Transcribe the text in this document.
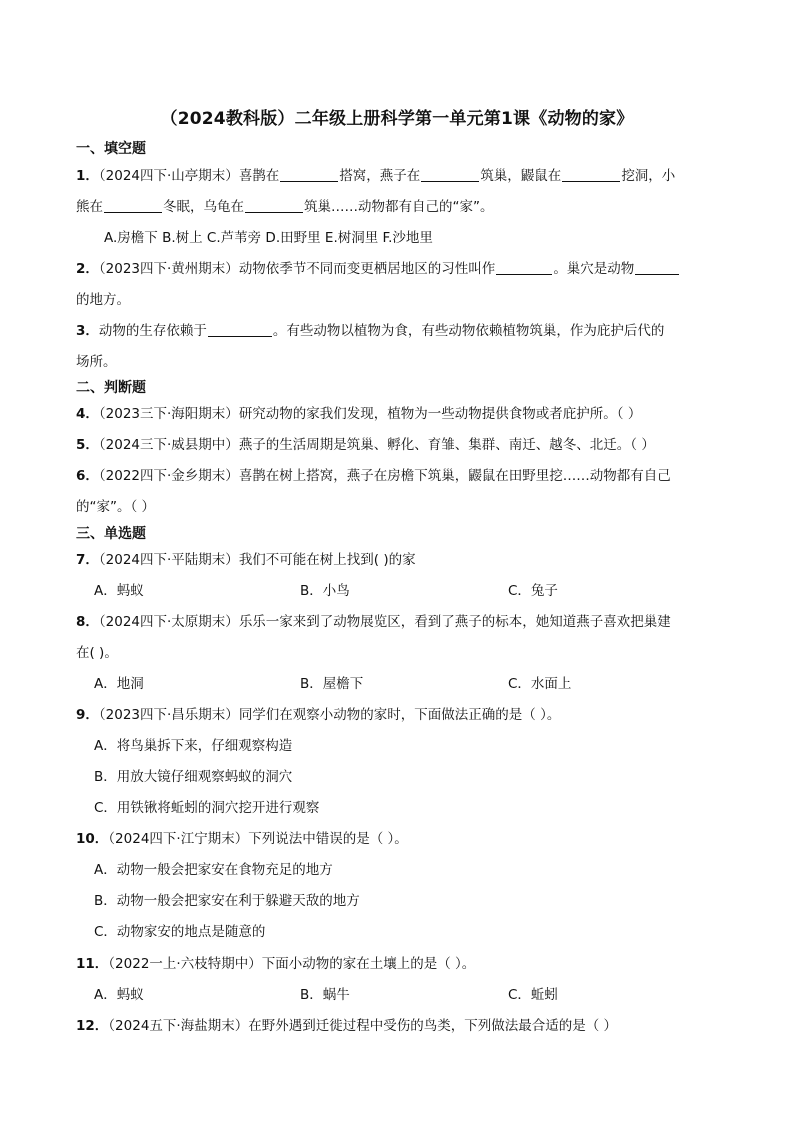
（2024教科版）二年级上册科学第一单元第1课《动物的家》
一、填空题
1．（2024四下·山亭期末）喜鹊在	搭窝，燕子在	筑巢，鼹鼠在	挖洞，小
熊在	冬眠，乌龟在	筑巢……动物都有自己的“家”。
A.房檐下 B.树上 C.芦苇旁 D.田野里 E.树洞里 F.沙地里
2．（2023四下·黄州期末）动物依季节不同而变更栖居地区的习性叫作	。巢穴是动物
的地方。
3．动物的生存依赖于	。有些动物以植物为食，有些动物依赖植物筑巢，作为庇护后代的
场所。
二、判断题
4．（2023三下·海阳期末）研究动物的家我们发现，植物为一些动物提供食物或者庇护所。（ ）
5．（2024三下·威县期中）燕子的生活周期是筑巢、孵化、育雏、集群、南迁、越冬、北迁。（ ）
6．（2022四下·金乡期末）喜鹊在树上搭窝，燕子在房檐下筑巢，鼹鼠在田野里挖……动物都有自己
的“家”。（ ）
三、单选题
7．（2024四下·平陆期末）我们不可能在树上找到( )的家
A．蚂蚁	B．小鸟	C．兔子
8．（2024四下·太原期末）乐乐一家来到了动物展览区，看到了燕子的标本，她知道燕子喜欢把巢建
在( )。
A．地洞	B．屋檐下	C．水面上
9．（2023四下·昌乐期末）同学们在观察小动物的家时，下面做法正确的是（ ）。
A．将鸟巢拆下来，仔细观察构造
B．用放大镜仔细观察蚂蚁的洞穴
C．用铁锹将蚯蚓的洞穴挖开进行观察
10．（2024四下·江宁期末）下列说法中错误的是（ ）。
A．动物一般会把家安在食物充足的地方
B．动物一般会把家安在利于躲避天敌的地方
C．动物家安的地点是随意的
11．（2022一上·六枝特期中）下面小动物的家在土壤上的是（ ）。
A．蚂蚁	B．蜗牛	C．蚯蚓
12．（2024五下·海盐期末）在野外遇到迁徙过程中受伤的鸟类，下列做法最合适的是（ ）
